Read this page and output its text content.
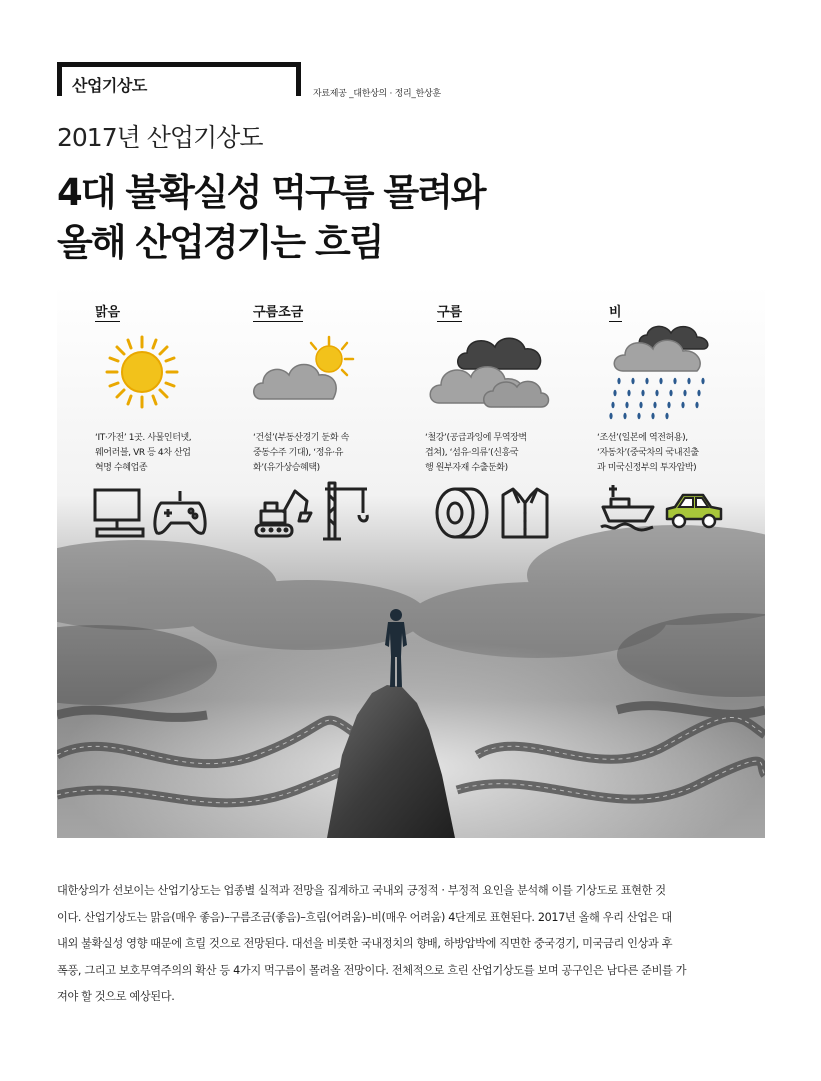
산업기상도	자료제공 _대한상의 · 정리_한상훈
2017년 산업기상도
4대 불확실성 먹구름 몰려와
올해 산업경기는 흐림
맑음	구름조금	구름	비
‘IT·가전’ 1곳. 사물인터넷,
웨어러블, VR 등 4차 산업
혁명 수혜업종
‘건설’(부동산경기 둔화 속
중동수주 기대), ‘정유·유
화’(유가상승혜택)
‘철강’(공급과잉에 무역장벽
겹쳐), ‘섬유·의류’(신흥국
행 원부자재 수출둔화)
‘조선’(일본에 역전허용),
‘자동차’(중국차의 국내진출
과 미국신정부의 투자압박)
대한상의가 선보이는 산업기상도는 업종별 실적과 전망을 집계하고 국내외 긍정적 · 부정적 요인을 분석해 이를 기상도로 표현한 것
이다. 산업기상도는 맑음(매우 좋음)–구름조금(좋음)–흐림(어려움)–비(매우 어려움) 4단계로 표현된다. 2017년 올해 우리 산업은 대
내외 불확실성 영향 때문에 흐릴 것으로 전망된다. 대선을 비롯한 국내정치의 향배, 하방압박에 직면한 중국경기, 미국금리 인상과 후
폭풍, 그리고 보호무역주의의 확산 등 4가지 먹구름이 몰려올 전망이다. 전체적으로 흐린 산업기상도를 보며 공구인은 남다른 준비를 가
져야 할 것으로 예상된다.
